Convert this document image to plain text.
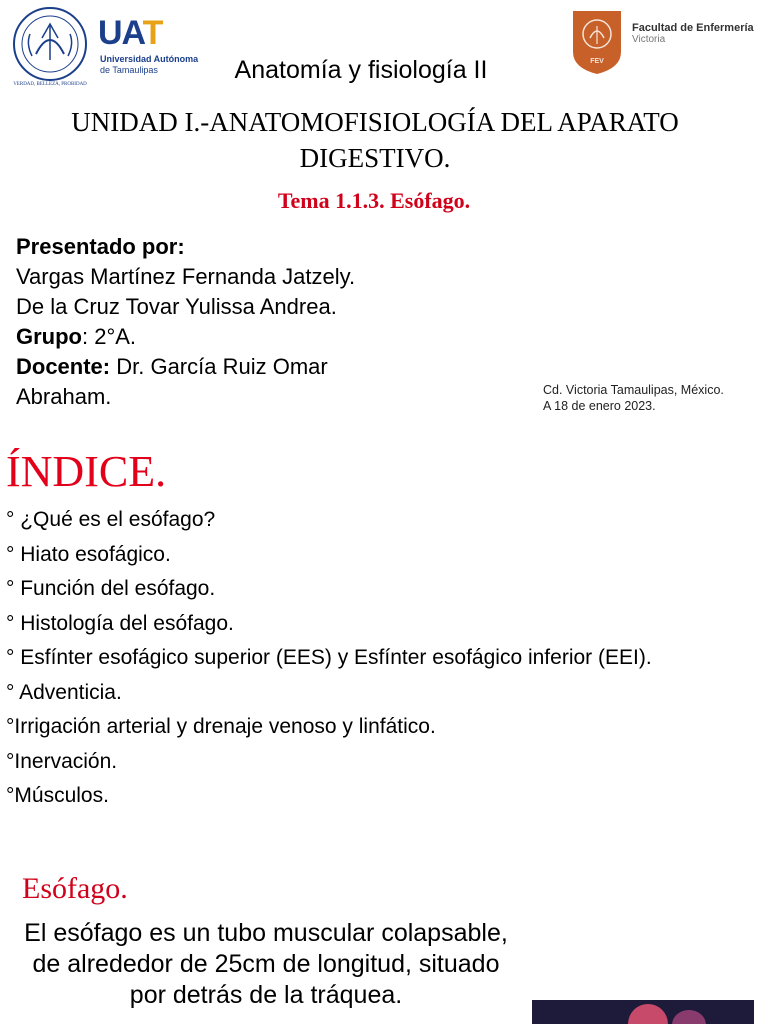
VERDAD, BELLEZA, PROBIDAD
UAT
Universidad Autónoma
de Tamaulipas
FEV
Facultad de Enfermería
Victoria
Anatomía y fisiología II
UNIDAD I.-ANATOMOFISIOLOGÍA DEL APARATO DIGESTIVO.
Tema 1.1.3. Esófago.
Presentado por:
Vargas Martínez Fernanda Jatzely.
De la Cruz Tovar Yulissa Andrea.
Grupo: 2°A.
Docente: Dr. García Ruiz Omar
Abraham.	Cd. Victoria Tamaulipas, México.
A 18 de enero 2023.
ÍNDICE.
° ¿Qué es el esófago?
° Hiato esofágico.
° Función del esófago.
° Histología del esófago.
° Esfínter esofágico superior (EES) y Esfínter esofágico inferior (EEI).
° Adventicia.
°Irrigación arterial y drenaje venoso y linfático.
°Inervación.
°Músculos.
Esófago.
El esófago es un tubo muscular colapsable, de alrededor de 25cm de longitud, situado por detrás de la tráquea.
